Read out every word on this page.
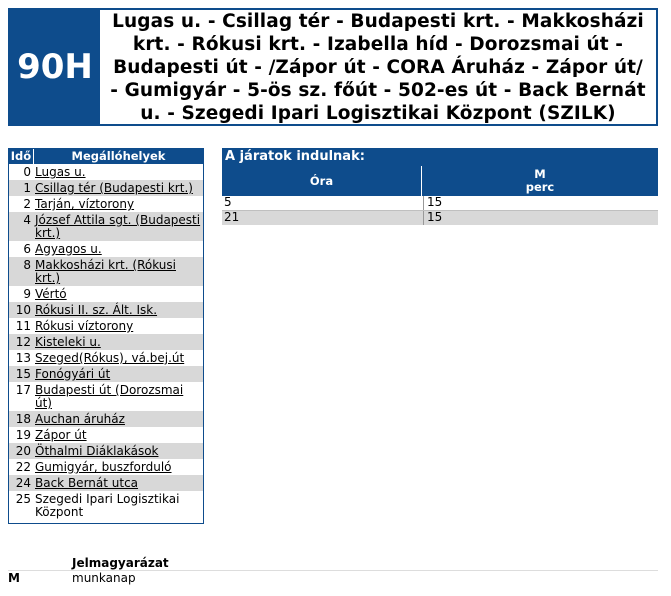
90H
Lugas u. - Csillag tér - Budapesti krt. - Makkosházi krt. - Rókusi krt. - Izabella híd - Dorozsmai út - Budapesti út - /Zápor út - CORA Áruház - Zápor út/ - Gumigyár - 5-ös sz. főút - 502-es út - Back Bernát u. - Szegedi Ipari Logisztikai Központ (SZILK)
Idő	Megállóhelyek
0 Lugas u.
1 Csillag tér (Budapesti krt.)
2 Tarján, víztorony
4 József Attila sgt. (Budapesti krt.)
6 Agyagos u.
8 Makkosházi krt. (Rókusi krt.)
9 Vértó
10 Rókusi II. sz. Ált. Isk.
11 Rókusi víztorony
12 Kisteleki u.
13 Szeged(Rókus), vá.bej.út
15 Fonógyári út
17 Budapesti út (Dorozsmai út)
18 Auchan áruház
19 Zápor út
20 Öthalmi Diáklakások
22 Gumigyár, buszforduló
24 Back Bernát utca
25 Szegedi Ipari Logisztikai Központ
A járatok indulnak:
Óra	M
perc
5	15
21	15
Jelmagyarázat
M	munkanap
